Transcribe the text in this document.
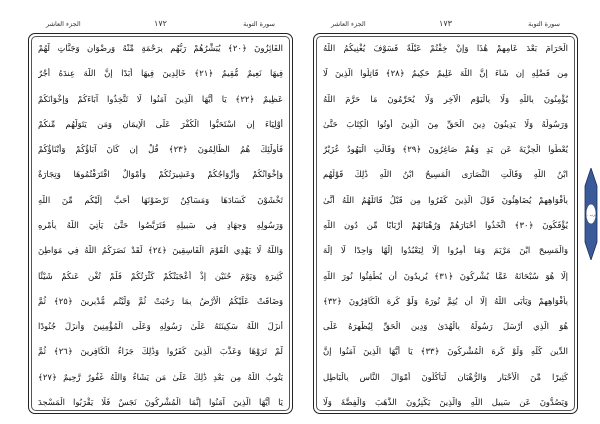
الجزء العاشر	١٧٢	سورة التوبة
الفَائِزُونَ ﴿٢٠﴾ يُبَشِّرُهُمْ رَبُّهُم بِرَحْمَةٍ مِّنْهُ وَرِضْوَانٍ وَجَنَّاتٍ لَّهُمْ
فِيهَا نَعِيمٌ مُّقِيمٌ ﴿٢١﴾ خَالِدِينَ فِيهَا أَبَدًا إِنَّ اللَّهَ عِندَهُ أَجْرٌ
عَظِيمٌ ﴿٢٢﴾ يَا أَيُّهَا الَّذِينَ آمَنُوا لَا تَتَّخِذُوا آبَاءَكُمْ وَإِخْوَانَكُمْ
أَوْلِيَاءَ إِنِ اسْتَحَبُّوا الْكُفْرَ عَلَى الْإِيمَانِ وَمَن يَتَوَلَّهُم مِّنكُمْ
فَأُولَٰئِكَ هُمُ الظَّالِمُونَ ﴿٢٣﴾ قُلْ إِن كَانَ آبَاؤُكُمْ وَأَبْنَاؤُكُمْ
وَإِخْوَانُكُمْ وَأَزْوَاجُكُمْ وَعَشِيرَتُكُمْ وَأَمْوَالٌ اقْتَرَفْتُمُوهَا وَتِجَارَةٌ
تَخْشَوْنَ كَسَادَهَا وَمَسَاكِنُ تَرْضَوْنَهَا أَحَبَّ إِلَيْكُم مِّنَ اللَّهِ
وَرَسُولِهِ وَجِهَادٍ فِي سَبِيلِهِ فَتَرَبَّصُوا حَتَّىٰ يَأْتِيَ اللَّهُ بِأَمْرِهِ
وَاللَّهُ لَا يَهْدِي الْقَوْمَ الْفَاسِقِينَ ﴿٢٤﴾ لَقَدْ نَصَرَكُمُ اللَّهُ فِي مَوَاطِنَ
كَثِيرَةٍ وَيَوْمَ حُنَيْنٍ إِذْ أَعْجَبَتْكُمْ كَثْرَتُكُمْ فَلَمْ تُغْنِ عَنكُمْ شَيْئًا
وَضَاقَتْ عَلَيْكُمُ الْأَرْضُ بِمَا رَحُبَتْ ثُمَّ وَلَّيْتُم مُّدْبِرِينَ ﴿٢٥﴾ ثُمَّ
أَنزَلَ اللَّهُ سَكِينَتَهُ عَلَىٰ رَسُولِهِ وَعَلَى الْمُؤْمِنِينَ وَأَنزَلَ جُنُودًا
لَّمْ تَرَوْهَا وَعَذَّبَ الَّذِينَ كَفَرُوا وَذَٰلِكَ جَزَاءُ الْكَافِرِينَ ﴿٢٦﴾ ثُمَّ
يَتُوبُ اللَّهُ مِن بَعْدِ ذَٰلِكَ عَلَىٰ مَن يَشَاءُ وَاللَّهُ غَفُورٌ رَّحِيمٌ ﴿٢٧﴾
يَا أَيُّهَا الَّذِينَ آمَنُوا إِنَّمَا الْمُشْرِكُونَ نَجَسٌ فَلَا يَقْرَبُوا الْمَسْجِدَ
الجزء العاشر	١٧٣	سورة التوبة
الْحَرَامَ بَعْدَ عَامِهِمْ هَٰذَا وَإِنْ خِفْتُمْ عَيْلَةً فَسَوْفَ يُغْنِيكُمُ اللَّهُ
مِن فَضْلِهِ إِن شَاءَ إِنَّ اللَّهَ عَلِيمٌ حَكِيمٌ ﴿٢٨﴾ قَاتِلُوا الَّذِينَ لَا
يُؤْمِنُونَ بِاللَّهِ وَلَا بِالْيَوْمِ الْآخِرِ وَلَا يُحَرِّمُونَ مَا حَرَّمَ اللَّهُ
وَرَسُولُهُ وَلَا يَدِينُونَ دِينَ الْحَقِّ مِنَ الَّذِينَ أُوتُوا الْكِتَابَ حَتَّىٰ
يُعْطُوا الْجِزْيَةَ عَن يَدٍ وَهُمْ صَاغِرُونَ ﴿٢٩﴾ وَقَالَتِ الْيَهُودُ عُزَيْرٌ
ابْنُ اللَّهِ وَقَالَتِ النَّصَارَى الْمَسِيحُ ابْنُ اللَّهِ ذَٰلِكَ قَوْلُهُم
بِأَفْوَاهِهِمْ يُضَاهِئُونَ قَوْلَ الَّذِينَ كَفَرُوا مِن قَبْلُ قَاتَلَهُمُ اللَّهُ أَنَّىٰ
يُؤْفَكُونَ ﴿٣٠﴾ اتَّخَذُوا أَحْبَارَهُمْ وَرُهْبَانَهُمْ أَرْبَابًا مِّن دُونِ اللَّهِ
وَالْمَسِيحَ ابْنَ مَرْيَمَ وَمَا أُمِرُوا إِلَّا لِيَعْبُدُوا إِلَٰهًا وَاحِدًا لَّا إِلَٰهَ
إِلَّا هُوَ سُبْحَانَهُ عَمَّا يُشْرِكُونَ ﴿٣١﴾ يُرِيدُونَ أَن يُطْفِئُوا نُورَ اللَّهِ
بِأَفْوَاهِهِمْ وَيَأْبَى اللَّهُ إِلَّا أَن يُتِمَّ نُورَهُ وَلَوْ كَرِهَ الْكَافِرُونَ ﴿٣٢﴾
هُوَ الَّذِي أَرْسَلَ رَسُولَهُ بِالْهُدَىٰ وَدِينِ الْحَقِّ لِيُظْهِرَهُ عَلَى
الدِّينِ كُلِّهِ وَلَوْ كَرِهَ الْمُشْرِكُونَ ﴿٣٣﴾ يَا أَيُّهَا الَّذِينَ آمَنُوا إِنَّ
كَثِيرًا مِّنَ الْأَحْبَارِ وَالرُّهْبَانِ لَيَأْكُلُونَ أَمْوَالَ النَّاسِ بِالْبَاطِلِ
وَيَصُدُّونَ عَن سَبِيلِ اللَّهِ وَالَّذِينَ يَكْنِزُونَ الذَّهَبَ وَالْفِضَّةَ وَلَا
حزب ٢٠
